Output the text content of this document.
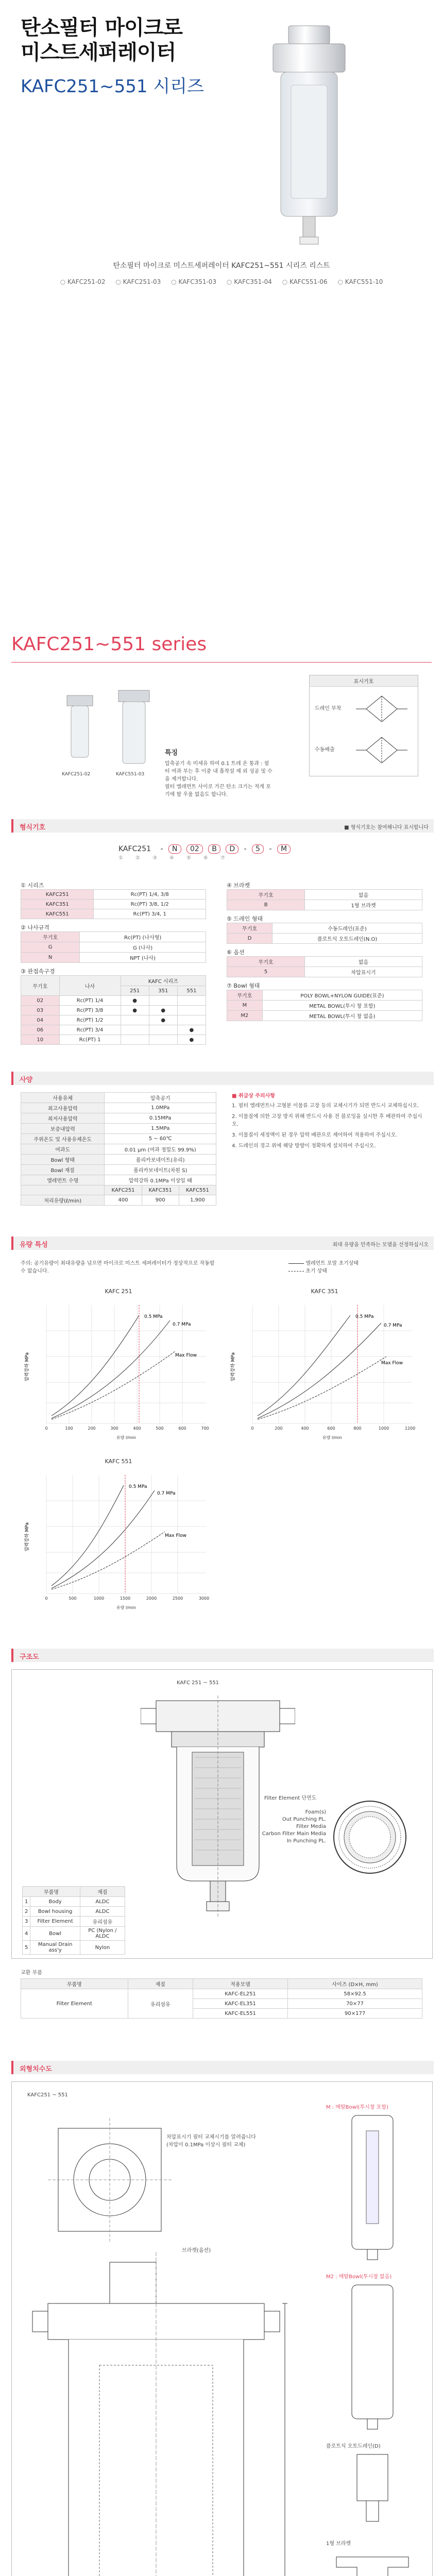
탄소필터 마이크로
미스트세퍼레이터
KAFC251~551 시리즈
탄소필터 마이크로 미스트세퍼레이터 KAFC251~551 시리즈 리스트
○ KAFC251-02	○ KAFC251-03	○ KAFC351-03	○ KAFC351-04	○ KAFC551-06	○ KAFC551-10
KAFC251~551 series
KAFC251-02	KAFC551-03
특징
압축공기 속 미세유 하여 0.1 트레 온 통과 : 필터 여과 부는 후 이중 내 흡착설 제 외 성공 및 수 을 제거합니다.
필터 엘레먼트 사이로 가끈 탄소 크기는 적게 포기에 할 우울 없음도 합니다.
표시기호
드레인 부착
수동배출
형식기호	■ 형식기호는 참여해니다 표시합니다
KAFC251 - N 02 B D - 5 - M
①②③④⑤⑥⑦
① 시리즈
KAFC251	Rc(PT) 1/4, 3/8
KAFC351	Rc(PT) 3/8, 1/2
KAFC551	Rc(PT) 3/4, 1
② 나사규격
무기호	Rc(PT) (나사형)
G	G (나사)
N	NPT (나사)
③ 관접속구경
무기호	나사	KAFC 시리즈		
		251	351	551
02	Rc(PT) 1/4	●		
03	Rc(PT) 3/8	●	●	
04	Rc(PT) 1/2		●	
06	Rc(PT) 3/4			●
10	Rc(PT) 1			●
④ 브라켓
무기호	없음
B	1형 브라켓
⑤ 드레인 형태
무기호	수동드레인(표준)
D	플로트식 오토드레인(N.O)
⑥ 옵션
무기호	없음
5	차압표시기
⑦ Bowl 형태
무기호	POLY BOWL+NYLON GUIDE(표준)
M	METAL BOWL(투시 창 포함)
M2	METAL BOWL(투시 창 없음)
사양
사용유체	압축공기		
최고사용압력	1.0MPa		
최저사용압력	0.15MPa		
보증내압력	1.5MPa		
주위온도 및 사용유체온도	5 ~ 60℃		
여과도	0.01 μm (여과 정밀도 99.9%)		
Bowl 형태	폴리카보네이트(유리)		
Bowl 재질	폴리카보네이트(차원 S)		
엘레먼트 수명	압력강하 0.1MPa 이상일 때		
	KAFC251	KAFC351	KAFC551
처리유량(ℓ/min)	400	900	1,900
■ 취급상 주의사항
1. 필터 엘레먼트나 고형분 이물류 고장 등의 교체시기가 되면 반드시 교체하십시오.
2. 이물질에 의한 고장 방지 위해 반드시 사용 전 블로잉을 실시한 후 배관하여 주십시오.
3. 이물질이 세정액이 된 경우 압력 배관으로 제어하여 적용하여 주십시오.
4. 드레인의 경고 위에 해당 방향이 정확하게 설치하여 주십시오.
유량 특성	최대 유량을 만족하는 모델을 선정하십시오
주의: 공기유량이 최대유량을 넘으면 마이크로 미스트 세퍼레이터가 정상적으로 작동할 수 없습니다.
엘레먼트 포말 초기상태
초기 상태
KAFC 251
0.5 MPa
0.7 MPa
Max Flow
0	100	200	300	400	500	600	700
유량 l/min
압력강하 MPa
KAFC 351
0.5 MPa
0.7 MPa
Max Flow
0	200	400	600	800	1000	1200
유량 l/min
압력강하 MPa
KAFC 551
0.5 MPa
0.7 MPa
Max Flow
0	500	1000	1500	2000	2500	3000
유량 l/min
압력강하 MPa
구조도
KAFC 251 ~ 551
Filter Element 단면도
Foam(s)
Out Punching PL.
Filter Media
Carbon Filter Main Media
In Punching PL.
부품명		재질
1	Body	ALDC
2	Bowl housing	ALDC
3	Filter Element	유리섬유
4	Bowl	PC (Nylon / ALDC
5	Manual Drain ass'y	Nylon
교환 부품
부품명	재질	적용모델	사이즈 (D×H, mm)
Filter Element	유리섬유	KAFC-EL251	58×92.5
		KAFC-EL351	70×77
		KAFC-EL551	90×177
외형치수도
KAFC251 ~ 551
차압표시기 필터 교체시기를 알려줍니다
(차압이 0.1MPa 이상시 필터 교체)
브라켓(옵션)
M : 메탈Bowl(투시창 포함)
M2 : 메탈Bowl(투시창 없음)
플로트식 오토드레인(D)
1형 브라켓
